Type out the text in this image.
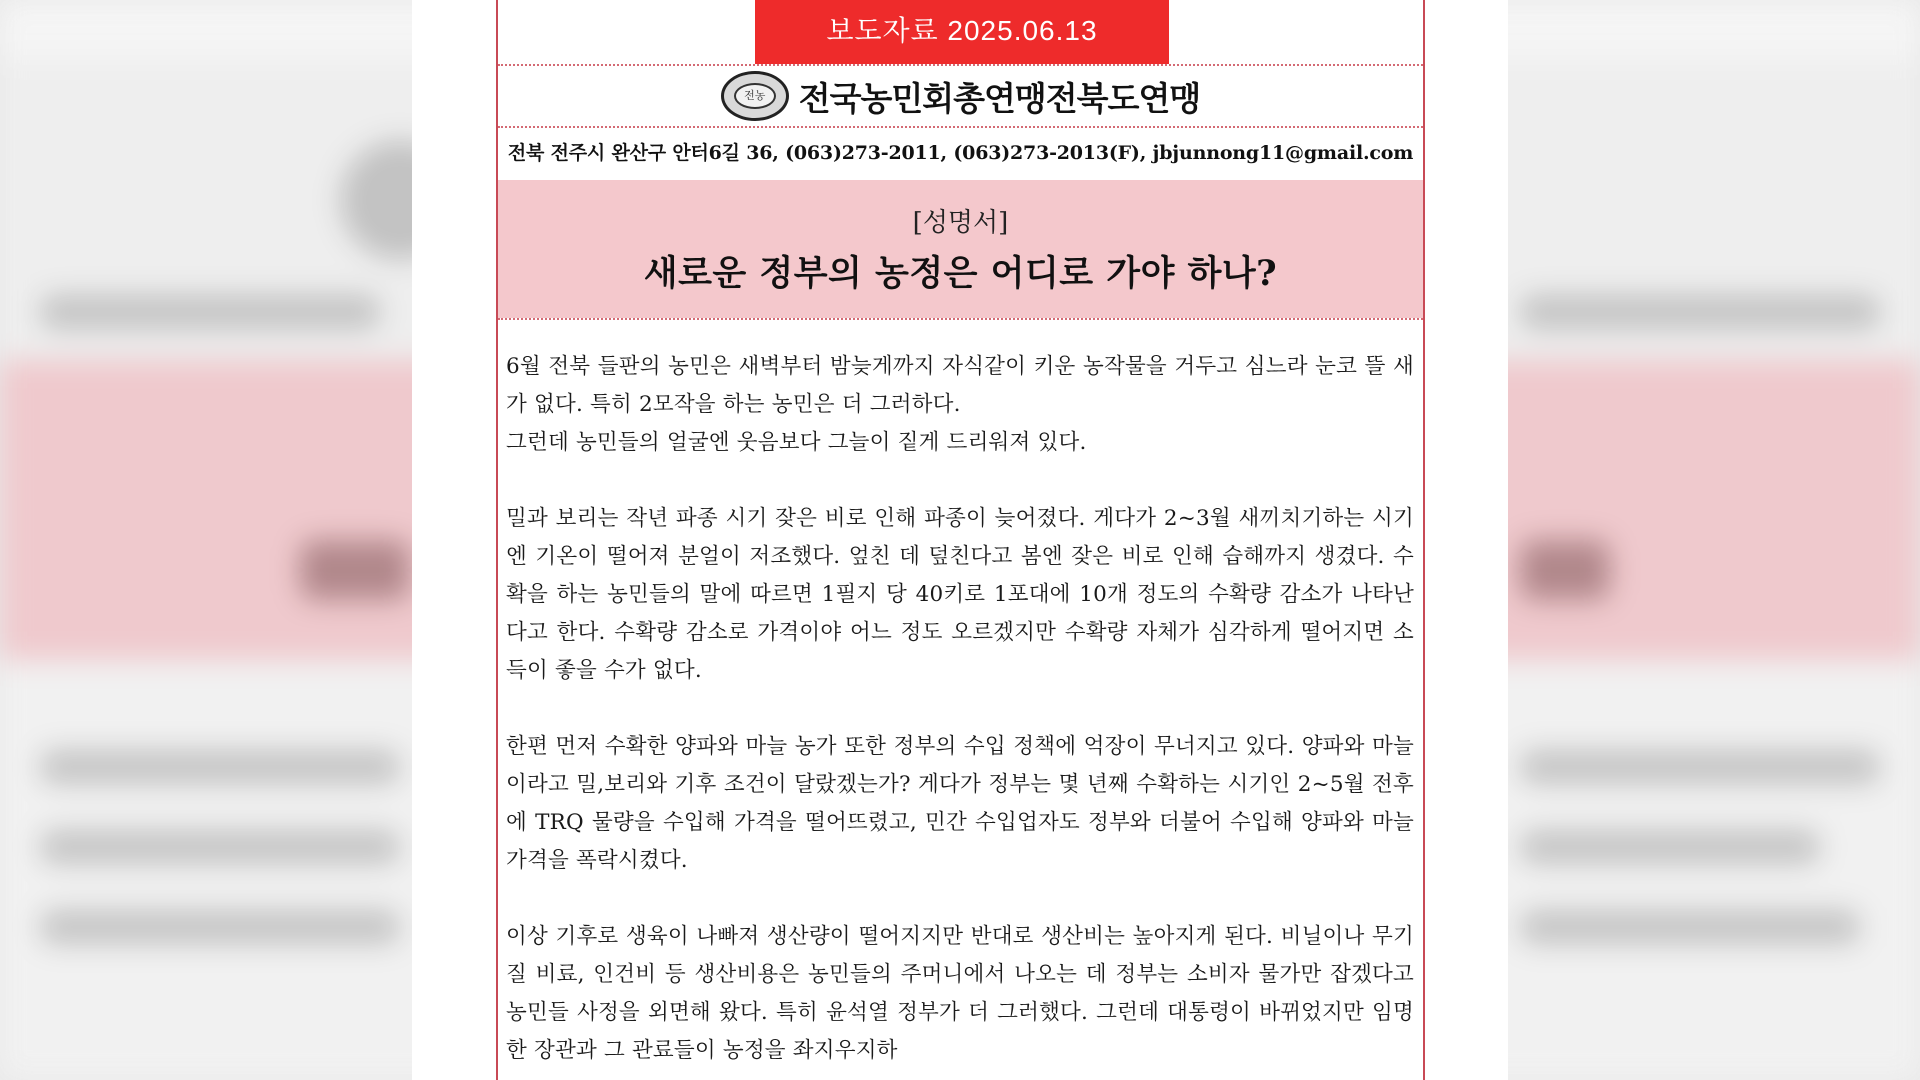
보도자료 2025.06.13
전농	전국농민회총연맹전북도연맹
전북 전주시 완산구 안터6길 36, (063)273-2011, (063)273-2013(F), jbjunnong11@gmail.com
[성명서]
새로운 정부의 농정은 어디로 가야 하나?

6월 전북 들판의 농민은 새벽부터 밤늦게까지 자식같이 키운 농작물을 거두고 심느라 눈코 뜰 새가 없다. 특히 2모작을 하는 농민은 더 그러하다.
그런데 농민들의 얼굴엔 웃음보다 그늘이 짙게 드리워져 있다.

밀과 보리는 작년 파종 시기 잦은 비로 인해 파종이 늦어졌다. 게다가 2~3월 새끼치기하는 시기엔 기온이 떨어져 분얼이 저조했다. 엎친 데 덮친다고 봄엔 잦은 비로 인해 습해까지 생겼다. 수확을 하는 농민들의 말에 따르면 1필지 당 40키로 1포대에 10개 정도의 수확량 감소가 나타난다고 한다. 수확량 감소로 가격이야 어느 정도 오르겠지만 수확량 자체가 심각하게 떨어지면 소득이 좋을 수가 없다.

한편 먼저 수확한 양파와 마늘 농가 또한 정부의 수입 정책에 억장이 무너지고 있다. 양파와 마늘이라고 밀,보리와 기후 조건이 달랐겠는가? 게다가 정부는 몇 년째 수확하는 시기인 2~5월 전후에 TRQ 물량을 수입해 가격을 떨어뜨렸고, 민간 수입업자도 정부와 더불어 수입해 양파와 마늘 가격을 폭락시켰다.

이상 기후로 생육이 나빠져 생산량이 떨어지지만 반대로 생산비는 높아지게 된다. 비닐이나 무기질 비료, 인건비 등 생산비용은 농민들의 주머니에서 나오는 데 정부는 소비자 물가만 잡겠다고 농민들 사정을 외면해 왔다. 특히 윤석열 정부가 더 그러했다. 그런데 대통령이 바뀌었지만 임명한 장관과 그 관료들이 농정을 좌지우지하
